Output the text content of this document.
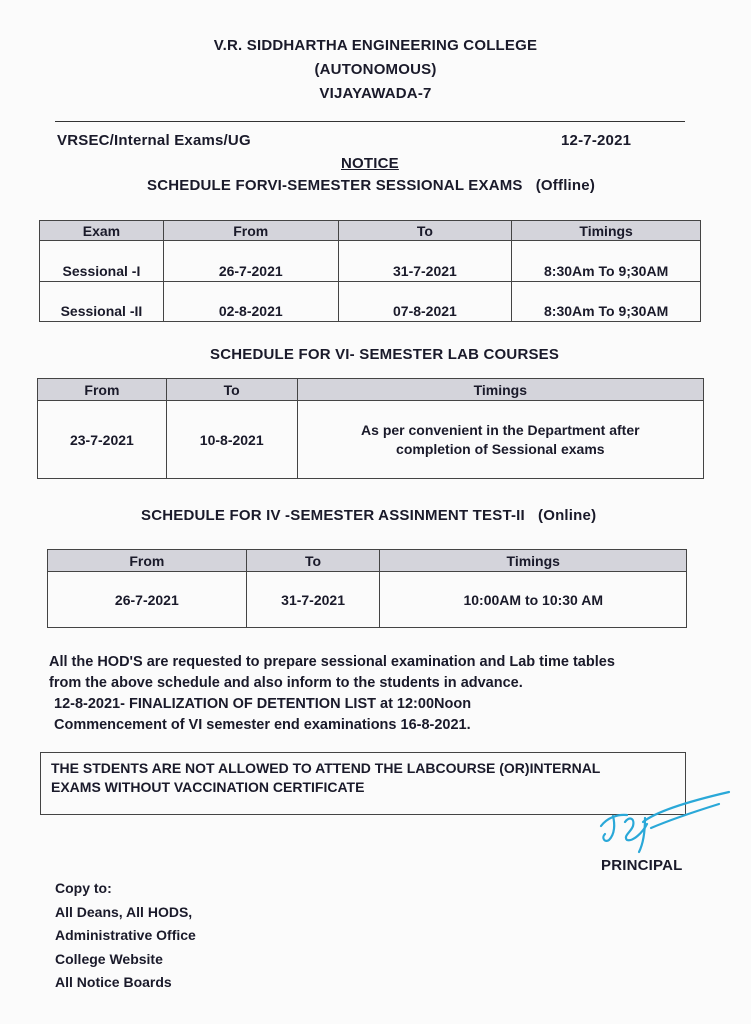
V.R. SIDDHARTHA ENGINEERING COLLEGE
(AUTONOMOUS)
VIJAYAWADA-7
VRSEC/Internal Exams/UG	12-7-2021
NOTICE
SCHEDULE FORVI-SEMESTER SESSIONAL EXAMS   (Offline)
Exam	From	To	Timings
Sessional -I	26-7-2021	31-7-2021	8:30Am To 9;30AM
Sessional -II	02-8-2021	07-8-2021	8:30Am To 9;30AM
SCHEDULE FOR VI- SEMESTER LAB COURSES
From	To	Timings
23-7-2021	10-8-2021	As per convenient in the Department after
completion of Sessional exams
SCHEDULE FOR IV -SEMESTER ASSINMENT TEST-II   (Online)
From	To	Timings
26-7-2021	31-7-2021	10:00AM to 10:30 AM
All the HOD'S are requested to prepare sessional examination and Lab time tables
from the above schedule and also inform to the students in advance.
12-8-2021- FINALIZATION OF DETENTION LIST at 12:00Noon
Commencement of VI semester end examinations 16-8-2021.
THE STDENTS ARE NOT ALLOWED TO ATTEND THE LABCOURSE (OR)INTERNAL
EXAMS WITHOUT VACCINATION CERTIFICATE
PRINCIPAL
Copy to:
All Deans, All HODS,
Administrative Office
College Website
All Notice Boards
